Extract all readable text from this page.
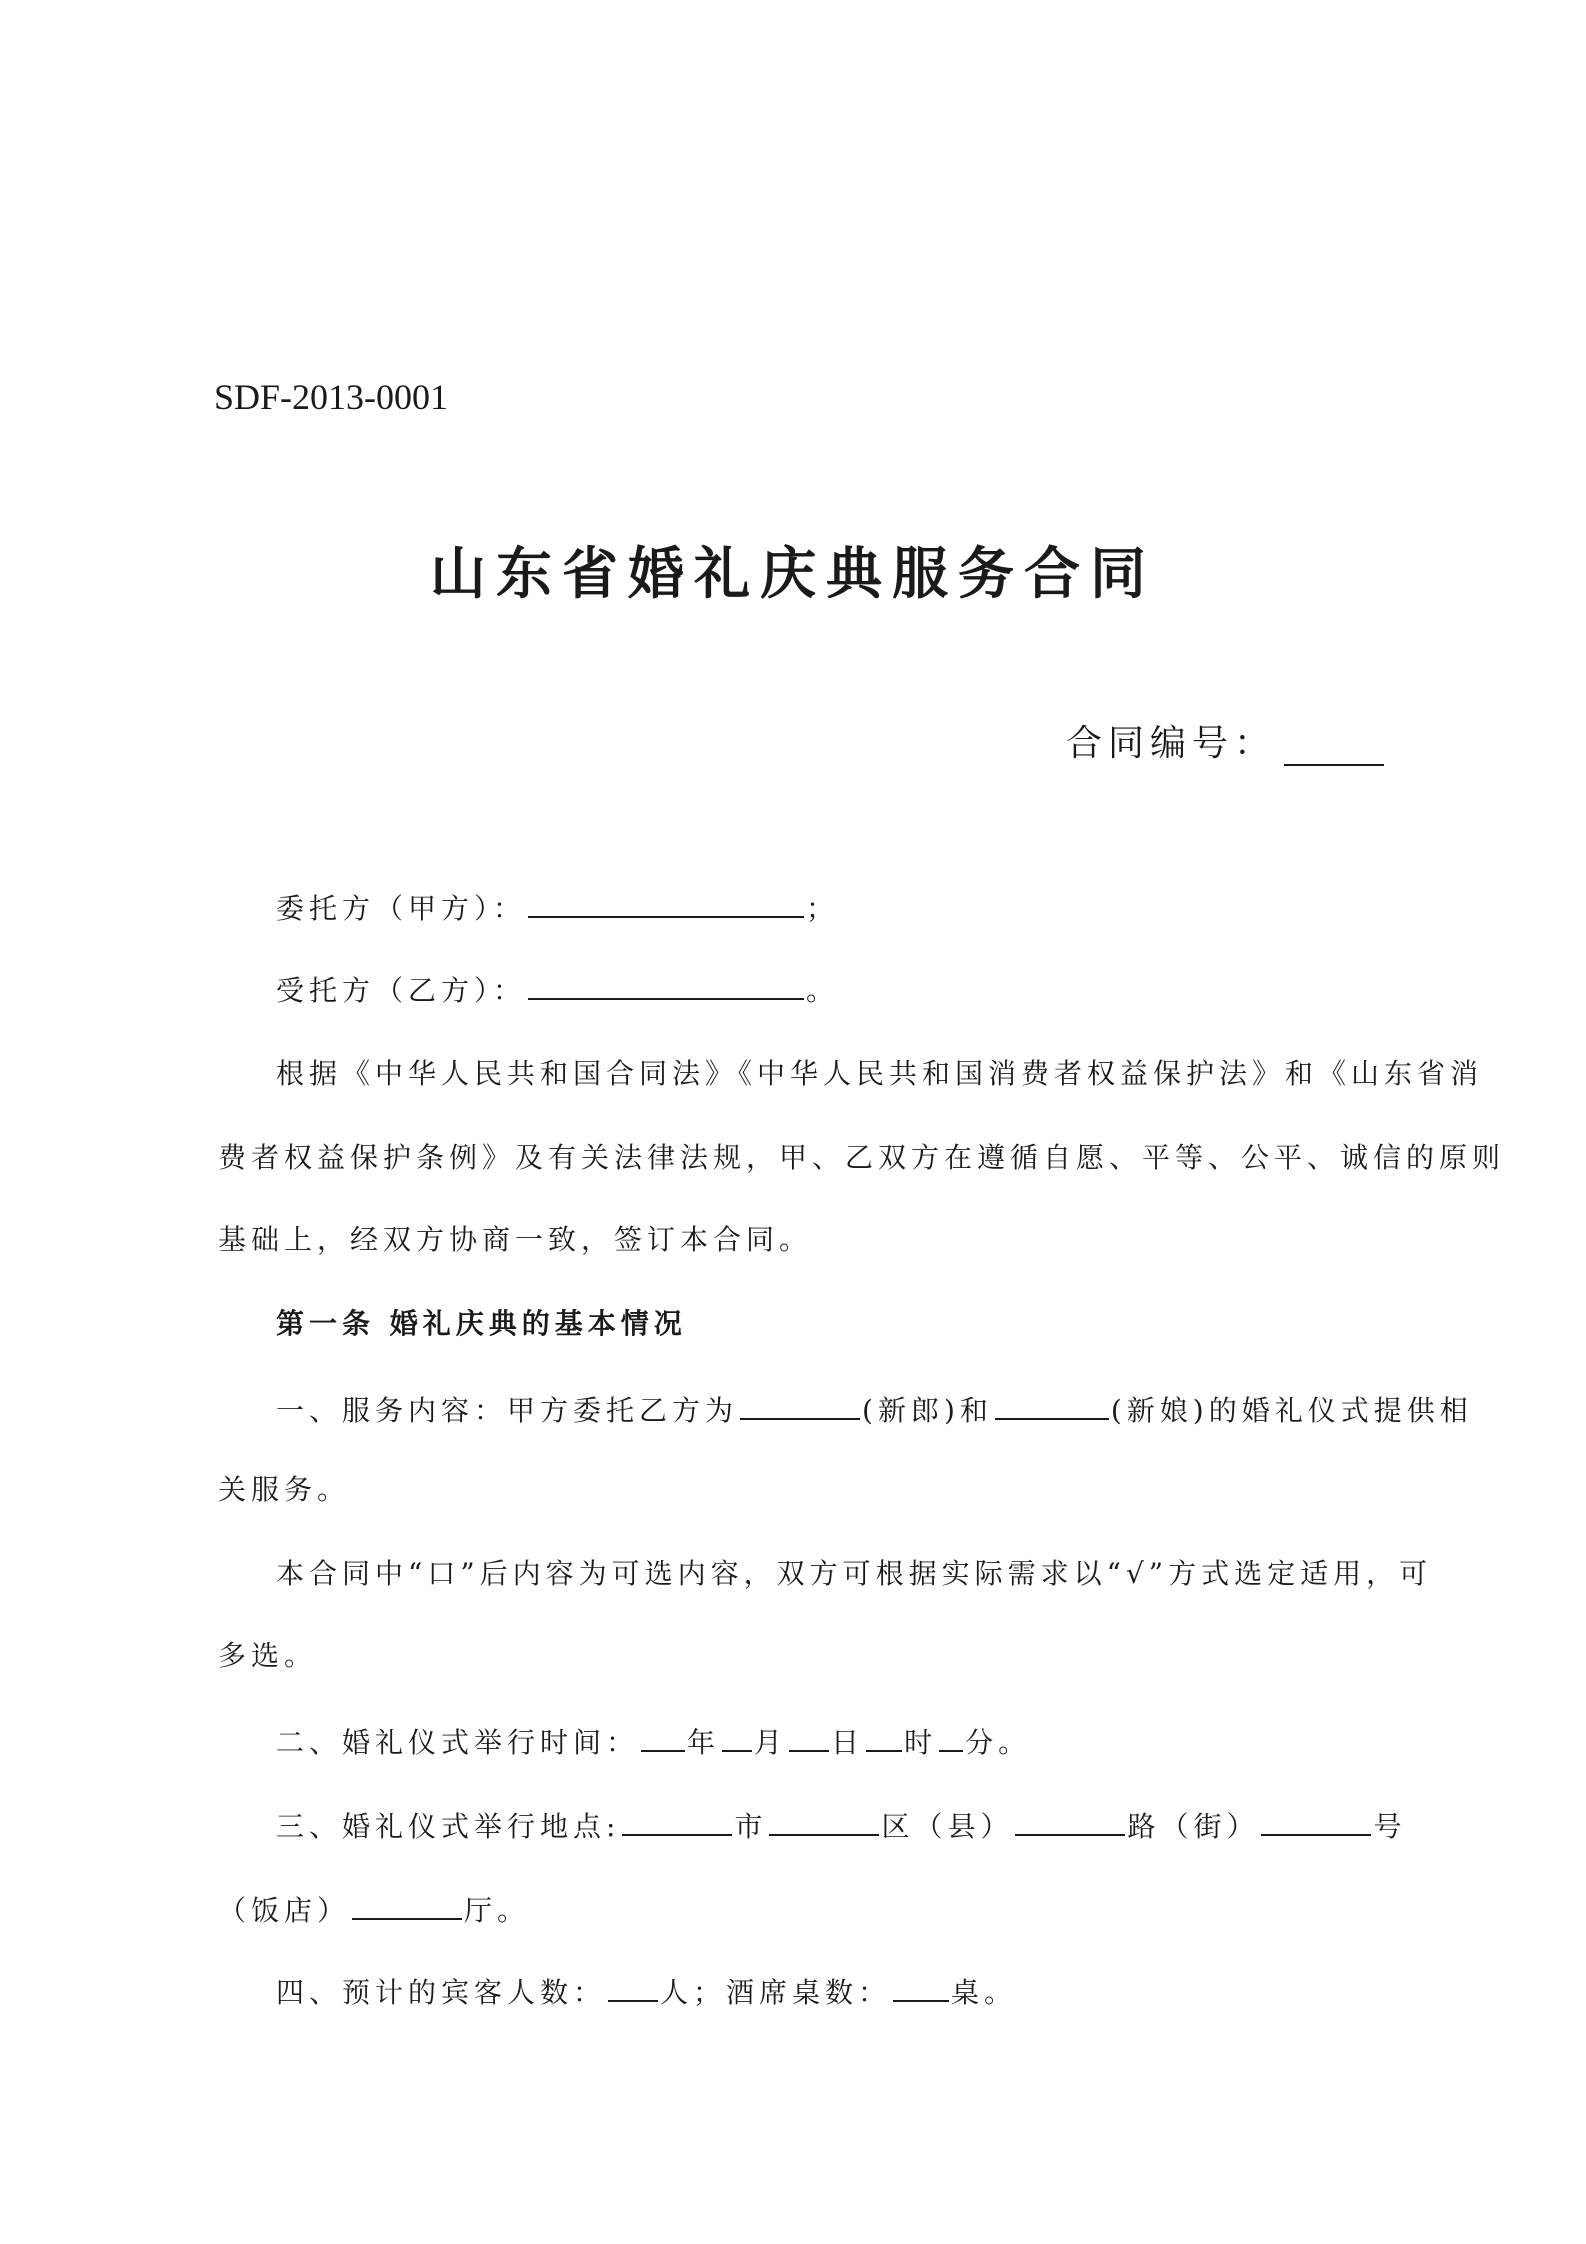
SDF-2013-0001
山东省婚礼庆典服务合同
合同编号：
委托方（甲方）：	；
受托方（乙方）：	。
根据《中华人民共和国合同法》《中华人民共和国消费者权益保护法》和《山东省消
费者权益保护条例》及有关法律法规，甲、乙双方在遵循自愿、平等、公平、诚信的原则
基础上，经双方协商一致，签订本合同。
第一条 婚礼庆典的基本情况
一、服务内容：甲方委托乙方为	(新郎)和	(新娘)的婚礼仪式提供相
关服务。
本合同中“口”后内容为可选内容，双方可根据实际需求以“√”方式选定适用，可
多选。
二、婚礼仪式举行时间： 年 月 日 时 分。
三、婚礼仪式举行地点:	市	区（县）	路（街）	号
（饭店）	厅。
四、预计的宾客人数： 人；酒席桌数： 桌。
